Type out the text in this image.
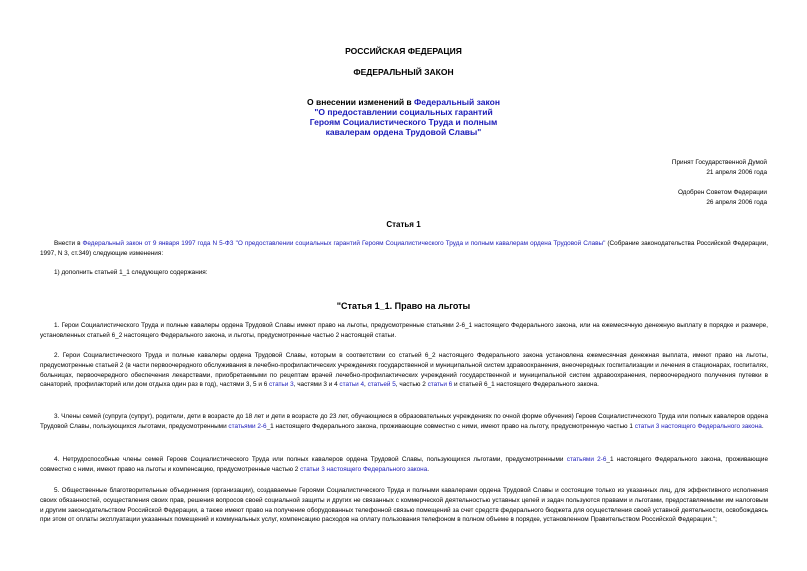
РОССИЙСКАЯ ФЕДЕРАЦИЯ
ФЕДЕРАЛЬНЫЙ ЗАКОН
О внесении изменений в Федеральный закон
"О предоставлении социальных гарантий
Героям Социалистического Труда и полным
кавалерам ордена Трудовой Славы"
Принят Государственной Думой
21 апреля 2006 года
Одобрен Советом Федерации
26 апреля 2006 года
Статья 1
Внести в Федеральный закон от 9 января 1997 года N 5-ФЗ "О предоставлении социальных гарантий Героям Социалистического Труда и полным кавалерам ордена Трудовой Славы" (Собрание законодательства Российской Федерации, 1997, N 3, ст.349) следующие изменения:
1) дополнить статьей 1_1 следующего содержания:
"Статья 1_1. Право на льготы
1. Герои Социалистического Труда и полные кавалеры ордена Трудовой Славы имеют право на льготы, предусмотренные статьями 2-6_1 настоящего Федерального закона, или на ежемесячную денежную выплату в порядке и размере, установленных статьей 6_2 настоящего Федерального закона, и льготы, предусмотренные частью 2 настоящей статьи.
2. Герои Социалистического Труда и полные кавалеры ордена Трудовой Славы, которым в соответствии со статьей 6_2 настоящего Федерального закона установлена ежемесячная денежная выплата, имеют право на льготы, предусмотренные статьей 2 (в части первоочередного обслуживания в лечебно-профилактических учреждениях государственной и муниципальной систем здравоохранения, внеочередных госпитализации и лечения в стационарах, госпиталях, больницах, первоочередного обеспечения лекарствами, приобретаемыми по рецептам врачей лечебно-профилактических учреждений государственной и муниципальной систем здравоохранения, первоочередного получения путевки в санаторий, профилакторий или дом отдыха один раз в год), частями 3, 5 и 6 статьи 3, частями 3 и 4 статьи 4, статьей 5, частью 2 статьи 6 и статьей 6_1 настоящего Федерального закона.
3. Члены семей (супруга (супруг), родители, дети в возрасте до 18 лет и дети в возрасте до 23 лет, обучающиеся в образовательных учреждениях по очной форме обучения) Героев Социалистического Труда или полных кавалеров ордена Трудовой Славы, пользующихся льготами, предусмотренными статьями 2-6_1 настоящего Федерального закона, проживающие совместно с ними, имеют право на льготу, предусмотренную частью 1 статьи 3 настоящего Федерального закона.
4. Нетрудоспособные члены семей Героев Социалистического Труда или полных кавалеров ордена Трудовой Славы, пользующихся льготами, предусмотренными статьями 2-6_1 настоящего Федерального закона, проживающие совместно с ними, имеют право на льготы и компенсацию, предусмотренные частью 2 статьи 3 настоящего Федерального закона.
5. Общественные благотворительные объединения (организации), создаваемые Героями Социалистического Труда и полными кавалерами ордена Трудовой Славы и состоящие только из указанных лиц, для эффективного исполнения своих обязанностей, осуществления своих прав, решения вопросов своей социальной защиты и других не связанных с коммерческой деятельностью уставных целей и задач пользуются правами и льготами, предоставляемыми им налоговым и другим законодательством Российской Федерации, а также имеют право на получение оборудованных телефонной связью помещений за счет средств федерального бюджета для осуществления своей уставной деятельности, освобождаясь при этом от оплаты эксплуатации указанных помещений и коммунальных услуг, компенсацию расходов на оплату пользования телефоном в полном объеме в порядке, установленном Правительством Российской Федерации.";
